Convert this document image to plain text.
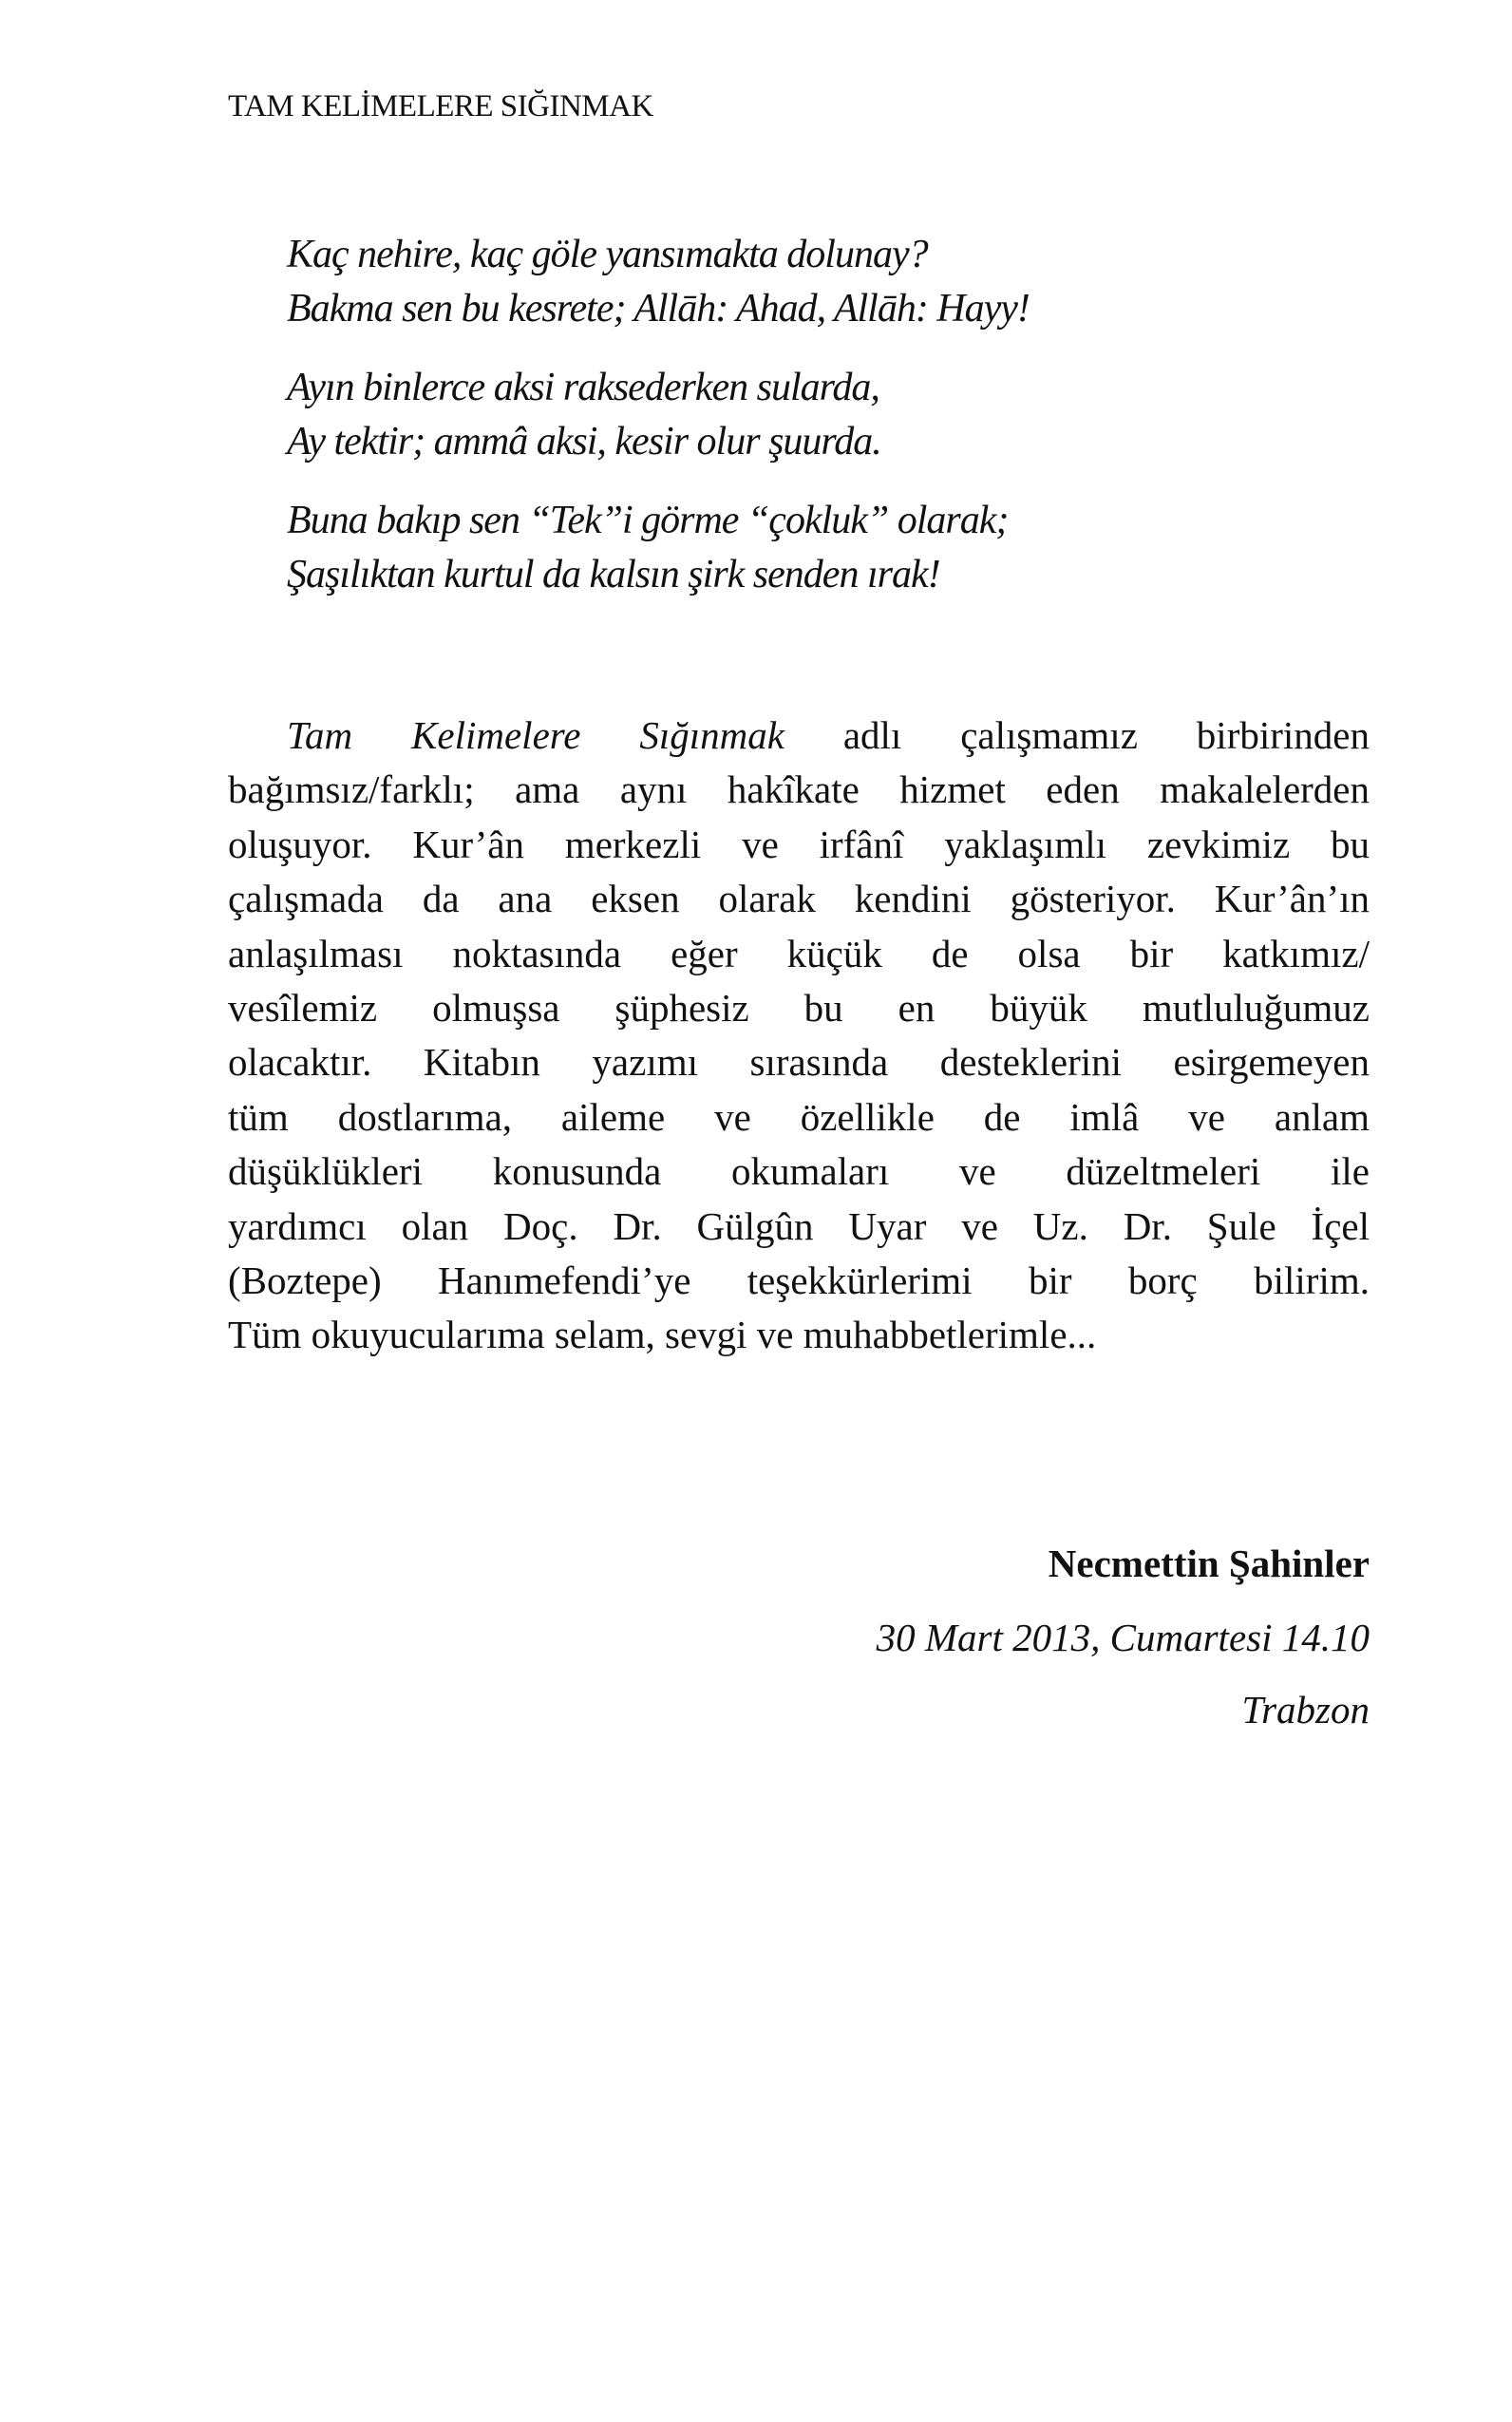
TAM KELİMELERE SIĞINMAK
Kaç nehire, kaç göle yansımakta dolunay?
Bakma sen bu kesrete; Allāh: Ahad, Allāh: Hayy!
Ayın binlerce aksi raksederken sularda,
Ay tektir; ammâ aksi, kesir olur şuurda.
Buna bakıp sen “Tek”i görme “çokluk” olarak;
Şaşılıktan kurtul da kalsın şirk senden ırak!
Tam Kelimelere Sığınmak adlı çalışmamız birbirinden
bağımsız/farklı; ama aynı hakîkate hizmet eden makalelerden
oluşuyor. Kur’ân merkezli ve irfânî yaklaşımlı zevkimiz bu
çalışmada da ana eksen olarak kendini gösteriyor. Kur’ân’ın
anlaşılması noktasında eğer küçük de olsa bir katkımız/
vesîlemiz olmuşsa şüphesiz bu en büyük mutluluğumuz
olacaktır. Kitabın yazımı sırasında desteklerini esirgemeyen
tüm dostlarıma, aileme ve özellikle de imlâ ve anlam
düşüklükleri konusunda okumaları ve düzeltmeleri ile
yardımcı olan Doç. Dr. Gülgûn Uyar ve Uz. Dr. Şule İçel
(Boztepe) Hanımefendi’ye teşekkürlerimi bir borç bilirim.
Tüm okuyucularıma selam, sevgi ve muhabbetlerimle...
Necmettin Şahinler
30 Mart 2013, Cumartesi 14.10
Trabzon
